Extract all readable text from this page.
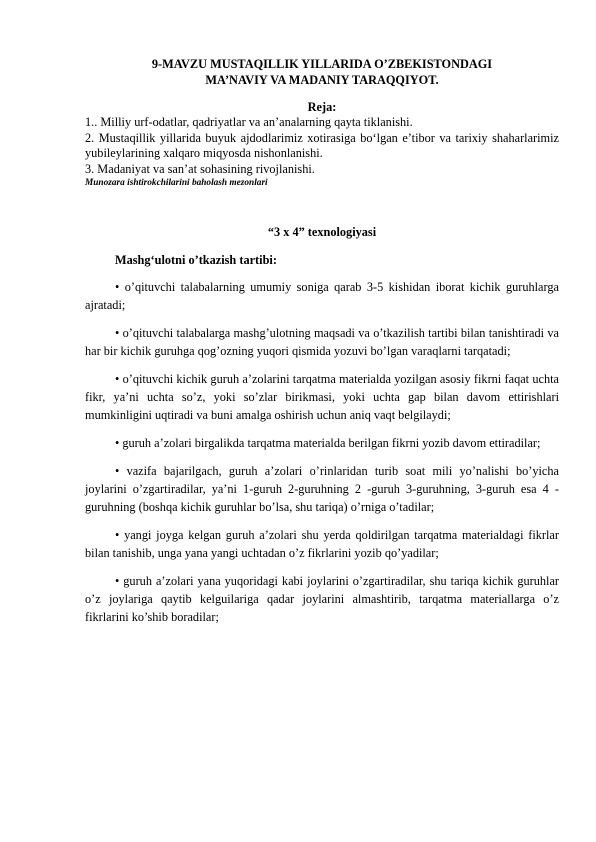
9-MAVZU MUSTAQILLIK YILLARIDA O’ZBEKISTONDAGI

MA’NAVIY VA MADANIY TARAQQIYOT.

Reja:

1.. Milliy urf-odatlar, qadriyatlar va an’analarning qayta tiklanishi.

2. Mustaqillik yillarida buyuk ajdodlarimiz xotirasiga bo‘lgan e’tibor va tarixiy shaharlarimiz yubileylarining xalqaro miqyosda nishonlanishi.

3. Madaniyat va san’at sohasining rivojlanishi.

Munozara ishtirokchilarini baholash mezonlari

“3 x 4” texnologiyasi

Mashg‘ulotni o’tkazish tartibi:

• o’qituvchi talabalarning umumiy soniga qarab 3-5 kishidan iborat kichik guruhlarga ajratadi;

• o’qituvchi talabalarga mashg’ulotning maqsadi va o’tkazilish tartibi bilan tanishtiradi va har bir kichik guruhga qog’ozning yuqori qismida yozuvi bo’lgan varaqlarni tarqatadi;

• o’qituvchi kichik guruh a’zolarini tarqatma materialda yozilgan asosiy fikrni faqat uchta fikr, ya’ni uchta so’z, yoki so’zlar birikmasi, yoki uchta gap bilan davom ettirishlari mumkinligini uqtiradi va buni amalga oshirish uchun aniq vaqt belgilaydi;

• guruh a’zolari birgalikda tarqatma materialda berilgan fikrni yozib davom ettiradilar;

• vazifa bajarilgach, guruh a’zolari o’rinlaridan turib soat mili yo’nalishi bo’yicha joylarini o’zgartiradilar, ya’ni 1-guruh 2-guruhning 2 -guruh 3-guruhning, 3-guruh esa 4 - guruhning (boshqa kichik guruhlar bo’lsa, shu tariqa) o’rniga o’tadilar;

• yangi joyga kelgan guruh a’zolari shu yerda qoldirilgan tarqatma materialdagi fikrlar bilan tanishib, unga yana yangi uchtadan o’z fikrlarini yozib qo’yadilar;

• guruh a’zolari yana yuqoridagi kabi joylarini o’zgartiradilar, shu tariqa kichik guruhlar o’z joylariga qaytib kelguilariga qadar joylarini almashtirib, tarqatma materiallarga o’z fikrlarini ko’shib boradilar;
